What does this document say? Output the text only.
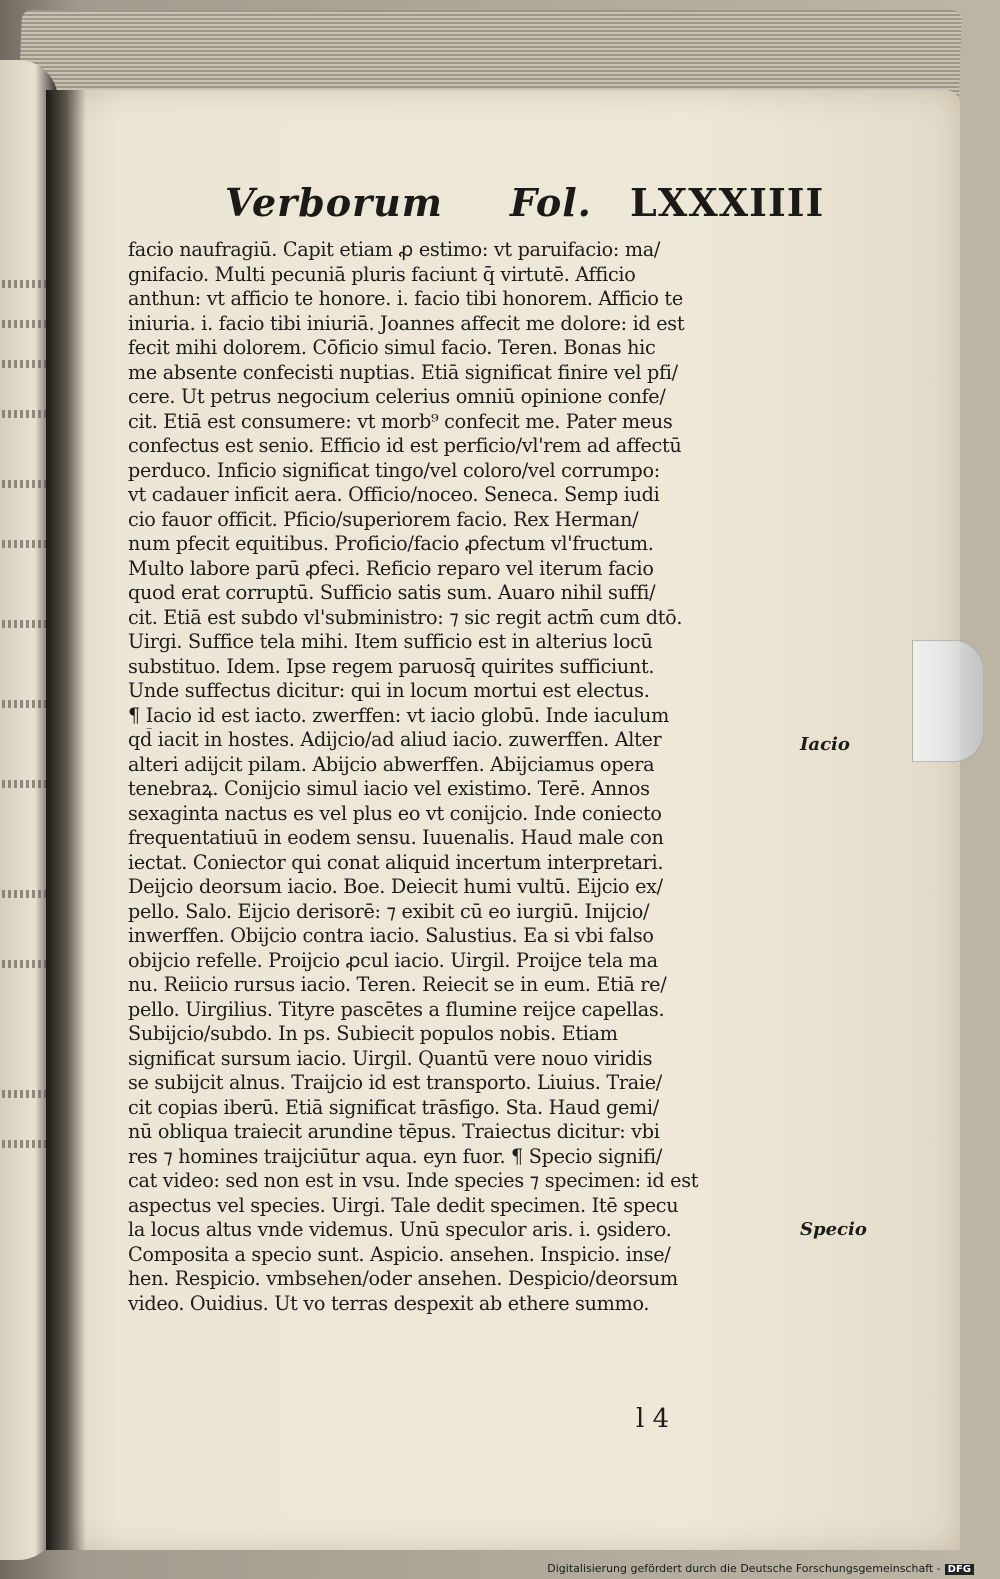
Verborum Fol. LXXXIIII
facio naufragiū. Capit etiam ꝓ estimo: vt paruifacio: ma/
gnifacio. Multi pecuniā pluris faciunt q̄ virtutē. Afficio
anthun: vt afficio te honore. i. facio tibi honorem. Afficio te
iniuria. i. facio tibi iniuriā. Joannes affecit me dolore: id est
fecit mihi dolorem. Cōficio simul facio. Teren. Bonas hic
me absente confecisti nuptias. Etiā significat finire vel pfi/
cere. Ut petrus negocium celerius omniū opinione confe/
cit. Etiā est consumere: vt morb⁹ confecit me. Pater meus
confectus est senio. Efficio id est perficio/vl'rem ad affectū
perduco. Inficio significat tingo/vel coloro/vel corrumpo:
vt cadauer inficit aera. Officio/noceo. Seneca. Semp iudi
cio fauor officit. Pficio/superiorem facio. Rex Herman/
num pfecit equitibus. Proficio/facio ꝓfectum vl'fructum.
Multo labore parū ꝓfeci. Reficio reparo vel iterum facio
quod erat corruptū. Sufficio satis sum. Auaro nihil suffi/
cit. Etiā est subdo vl'subministro: ⁊ sic regit actm̄ cum dtō.
Uirgi. Suffice tela mihi. Item sufficio est in alterius locū
substituo. Idem. Ipse regem paruosq̄ quirites sufficiunt.
Unde suffectus dicitur: qui in locum mortui est electus.
¶ Iacio id est iacto. zwerffen: vt iacio globū. Inde iaculum
qd̄ iacit in hostes. Adijcio/ad aliud iacio. zuwerffen. Alter
alteri adijcit pilam. Abijcio abwerffen. Abijciamus opera
tenebraꝝ. Conijcio simul iacio vel existimo. Terē. Annos
sexaginta nactus es vel plus eo vt conijcio. Inde coniecto
frequentatiuū in eodem sensu. Iuuenalis. Haud male con
iectat. Coniector qui conat aliquid incertum interpretari.
Deijcio deorsum iacio. Boe. Deiecit humi vultū. Eijcio ex/
pello. Salo. Eijcio derisorē: ⁊ exibit cū eo iurgiū. Inijcio/
inwerffen. Obijcio contra iacio. Salustius. Ea si vbi falso
obijcio refelle. Proijcio ꝓcul iacio. Uirgil. Proijce tela ma
nu. Reiicio rursus iacio. Teren. Reiecit se in eum. Etiā re/
pello. Uirgilius. Tityre pascētes a flumine reijce capellas.
Subijcio/subdo. In ps. Subiecit populos nobis. Etiam
significat sursum iacio. Uirgil. Quantū vere nouo viridis
se subijcit alnus. Traijcio id est transporto. Liuius. Traie/
cit copias iberū. Etiā significat trāsfigo. Sta. Haud gemi/
nū obliqua traiecit arundine tēpus. Traiectus dicitur: vbi
res ⁊ homines traijciūtur aqua. eyn fuor. ¶ Specio signifi/
cat video: sed non est in vsu. Inde species ⁊ specimen: id est
aspectus vel species. Uirgi. Tale dedit specimen. Itē specu
la locus altus vnde videmus. Unū speculor aris. i. ꝯsidero.
Composita a specio sunt. Aspicio. ansehen. Inspicio. inse/
hen. Respicio. vmbsehen/oder ansehen. Despicio/deorsum
video. Ouidius. Ut vo terras despexit ab ethere summo.
Iacio
Specio
l 4
Digitalisierung gefördert durch die Deutsche Forschungsgemeinschaft - DFG
